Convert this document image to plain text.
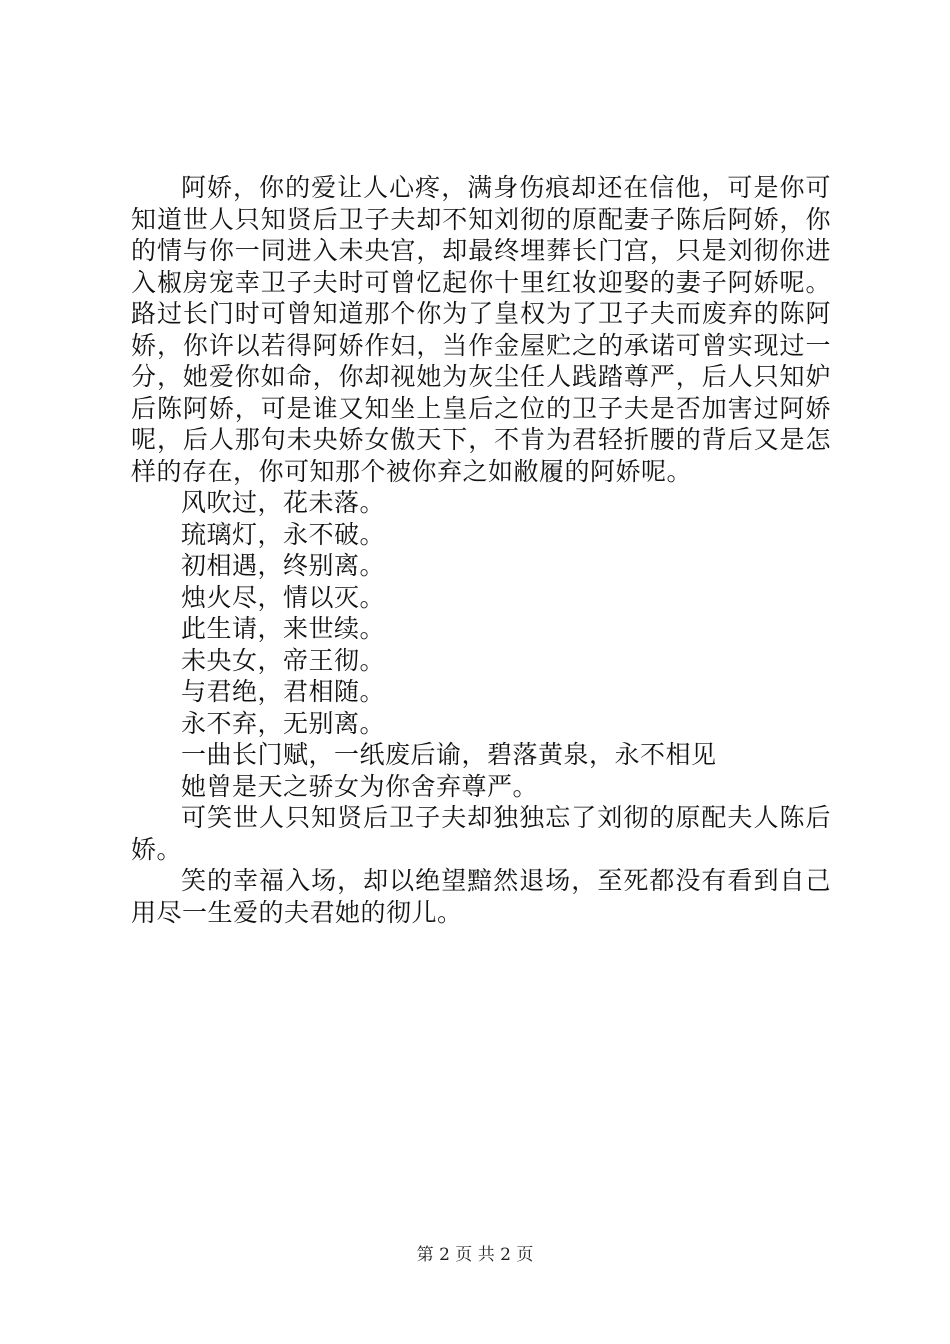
阿娇，你的爱让人心疼，满身伤痕却还在信他，可是你可知道世人只知贤后卫子夫却不知刘彻的原配妻子陈后阿娇，你的情与你一同进入未央宫，却最终埋葬长门宫，只是刘彻你进入椒房宠幸卫子夫时可曾忆起你十里红妆迎娶的妻子阿娇呢。路过长门时可曾知道那个你为了皇权为了卫子夫而废弃的陈阿娇，你许以若得阿娇作妇，当作金屋贮之的承诺可曾实现过一分，她爱你如命，你却视她为灰尘任人践踏尊严，后人只知妒后陈阿娇，可是谁又知坐上皇后之位的卫子夫是否加害过阿娇呢，后人那句未央娇女傲天下，不肯为君轻折腰的背后又是怎样的存在，你可知那个被你弃之如敝履的阿娇呢。

风吹过，花未落。

琉璃灯，永不破。

初相遇，终别离。

烛火尽，情以灭。

此生请，来世续。

未央女，帝王彻。

与君绝，君相随。

永不弃，无别离。

一曲长门赋，一纸废后谕，碧落黄泉，永不相见

她曾是天之骄女为你舍弃尊严。

可笑世人只知贤后卫子夫却独独忘了刘彻的原配夫人陈后娇。

笑的幸福入场，却以绝望黯然退场，至死都没有看到自己用尽一生爱的夫君她的彻儿。

第 2 页 共 2 页
